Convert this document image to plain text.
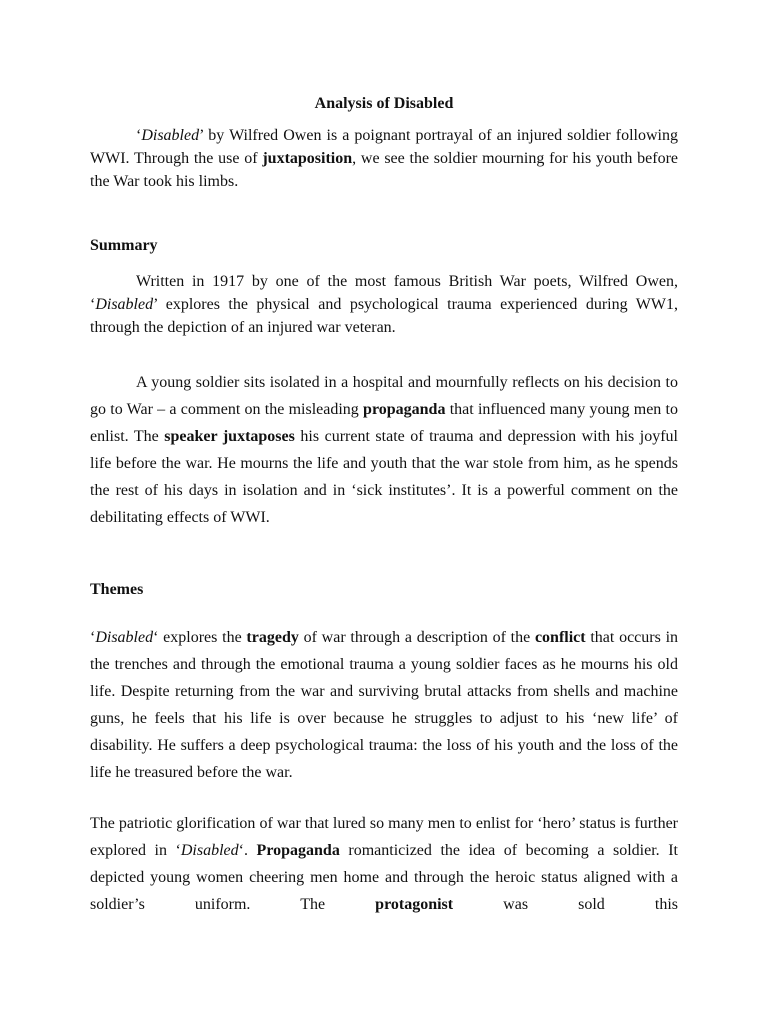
Analysis of Disabled

‘Disabled’ by Wilfred Owen is a poignant portrayal of an injured soldier following WWI. Through the use of juxtaposition, we see the soldier mourning for his youth before the War took his limbs.

Summary

Written in 1917 by one of the most famous British War poets, Wilfred Owen, ‘Disabled’ explores the physical and psychological trauma experienced during WW1, through the depiction of an injured war veteran.

A young soldier sits isolated in a hospital and mournfully reflects on his decision to go to War – a comment on the misleading propaganda that influenced many young men to enlist. The speaker juxtaposes his current state of trauma and depression with his joyful life before the war. He mourns the life and youth that the war stole from him, as he spends the rest of his days in isolation and in ‘sick institutes’. It is a powerful comment on the debilitating effects of WWI.

Themes

‘Disabled‘ explores the tragedy of war through a description of the conflict that occurs in the trenches and through the emotional trauma a young soldier faces as he mourns his old life. Despite returning from the war and surviving brutal attacks from shells and machine guns, he feels that his life is over because he struggles to adjust to his ‘new life’ of disability. He suffers a deep psychological trauma: the loss of his youth and the loss of the life he treasured before the war.

The patriotic glorification of war that lured so many men to enlist for ‘hero’ status is further explored in ‘Disabled‘. Propaganda romanticized the idea of becoming a soldier. It depicted young women cheering men home and through the heroic status aligned with a soldier’s uniform. The protagonist was sold this
